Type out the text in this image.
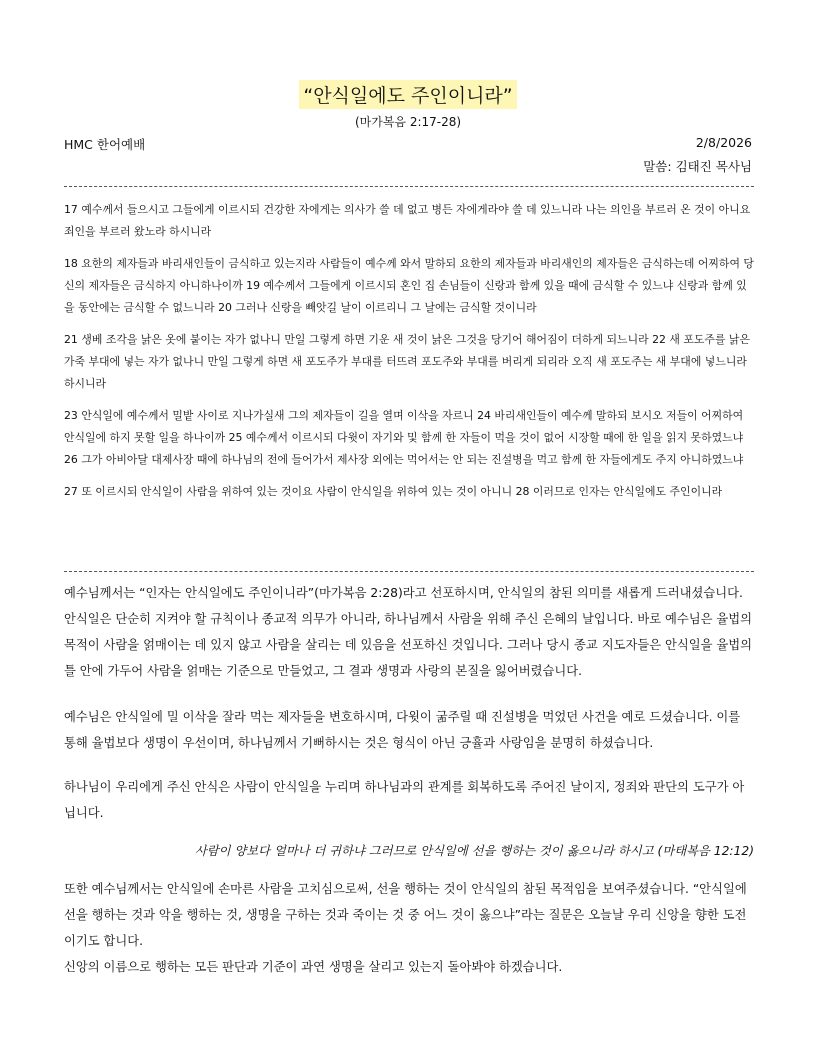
“안식일에도 주인이니라”
(마가복음 2:17-28)
HMC 한어예배	2/8/2026
말씀: 김태진 목사님

17 예수께서 들으시고 그들에게 이르시되 건강한 자에게는 의사가 쓸 데 없고 병든 자에게라야 쓸 데 있느니라 나는 의인을 부르러 온 것이 아니요 죄인을 부르러 왔노라 하시니라

18 요한의 제자들과 바리새인들이 금식하고 있는지라 사람들이 예수께 와서 말하되 요한의 제자들과 바리새인의 제자들은 금식하는데 어찌하여 당신의 제자들은 금식하지 아니하나이까 19 예수께서 그들에게 이르시되 혼인 집 손님들이 신랑과 함께 있을 때에 금식할 수 있느냐 신랑과 함께 있을 동안에는 금식할 수 없느니라 20 그러나 신랑을 빼앗길 날이 이르리니 그 날에는 금식할 것이니라

21 생베 조각을 낡은 옷에 붙이는 자가 없나니 만일 그렇게 하면 기운 새 것이 낡은 그것을 당기어 해어짐이 더하게 되느니라 22 새 포도주를 낡은 가죽 부대에 넣는 자가 없나니 만일 그렇게 하면 새 포도주가 부대를 터뜨려 포도주와 부대를 버리게 되리라 오직 새 포도주는 새 부대에 넣느니라 하시니라

23 안식일에 예수께서 밀밭 사이로 지나가실새 그의 제자들이 길을 열며 이삭을 자르니 24 바리새인들이 예수께 말하되 보시오 저들이 어찌하여 안식일에 하지 못할 일을 하나이까 25 예수께서 이르시되 다윗이 자기와 및 함께 한 자들이 먹을 것이 없어 시장할 때에 한 일을 읽지 못하였느냐 26 그가 아비아달 대제사장 때에 하나님의 전에 들어가서 제사장 외에는 먹어서는 안 되는 진설병을 먹고 함께 한 자들에게도 주지 아니하였느냐

27 또 이르시되 안식일이 사람을 위하여 있는 것이요 사람이 안식일을 위하여 있는 것이 아니니 28 이러므로 인자는 안식일에도 주인이니라

예수님께서는 “인자는 안식일에도 주인이니라”(마가복음 2:28)라고 선포하시며, 안식일의 참된 의미를 새롭게 드러내셨습니다. 안식일은 단순히 지켜야 할 규칙이나 종교적 의무가 아니라, 하나님께서 사람을 위해 주신 은혜의 날입니다. 바로 예수님은 율법의 목적이 사람을 얽매이는 데 있지 않고 사람을 살리는 데 있음을 선포하신 것입니다. 그러나 당시 종교 지도자들은 안식일을 율법의 틀 안에 가두어 사람을 얽매는 기준으로 만들었고, 그 결과 생명과 사랑의 본질을 잃어버렸습니다.

예수님은 안식일에 밀 이삭을 잘라 먹는 제자들을 변호하시며, 다윗이 굶주릴 때 진설병을 먹었던 사건을 예로 드셨습니다. 이를 통해 율법보다 생명이 우선이며, 하나님께서 기뻐하시는 것은 형식이 아닌 긍휼과 사랑임을 분명히 하셨습니다.

하나님이 우리에게 주신 안식은 사람이 안식일을 누리며 하나님과의 관계를 회복하도록 주어진 날이지, 정죄와 판단의 도구가 아닙니다.

사람이 양보다 얼마나 더 귀하냐 그러므로 안식일에 선을 행하는 것이 옳으니라 하시고 (마태복음 12:12)

또한 예수님께서는 안식일에 손마른 사람을 고치심으로써, 선을 행하는 것이 안식일의 참된 목적임을 보여주셨습니다. “안식일에 선을 행하는 것과 악을 행하는 것, 생명을 구하는 것과 죽이는 것 중 어느 것이 옳으냐”라는 질문은 오늘날 우리 신앙을 향한 도전이기도 합니다.

신앙의 이름으로 행하는 모든 판단과 기준이 과연 생명을 살리고 있는지 돌아봐야 하겠습니다.
